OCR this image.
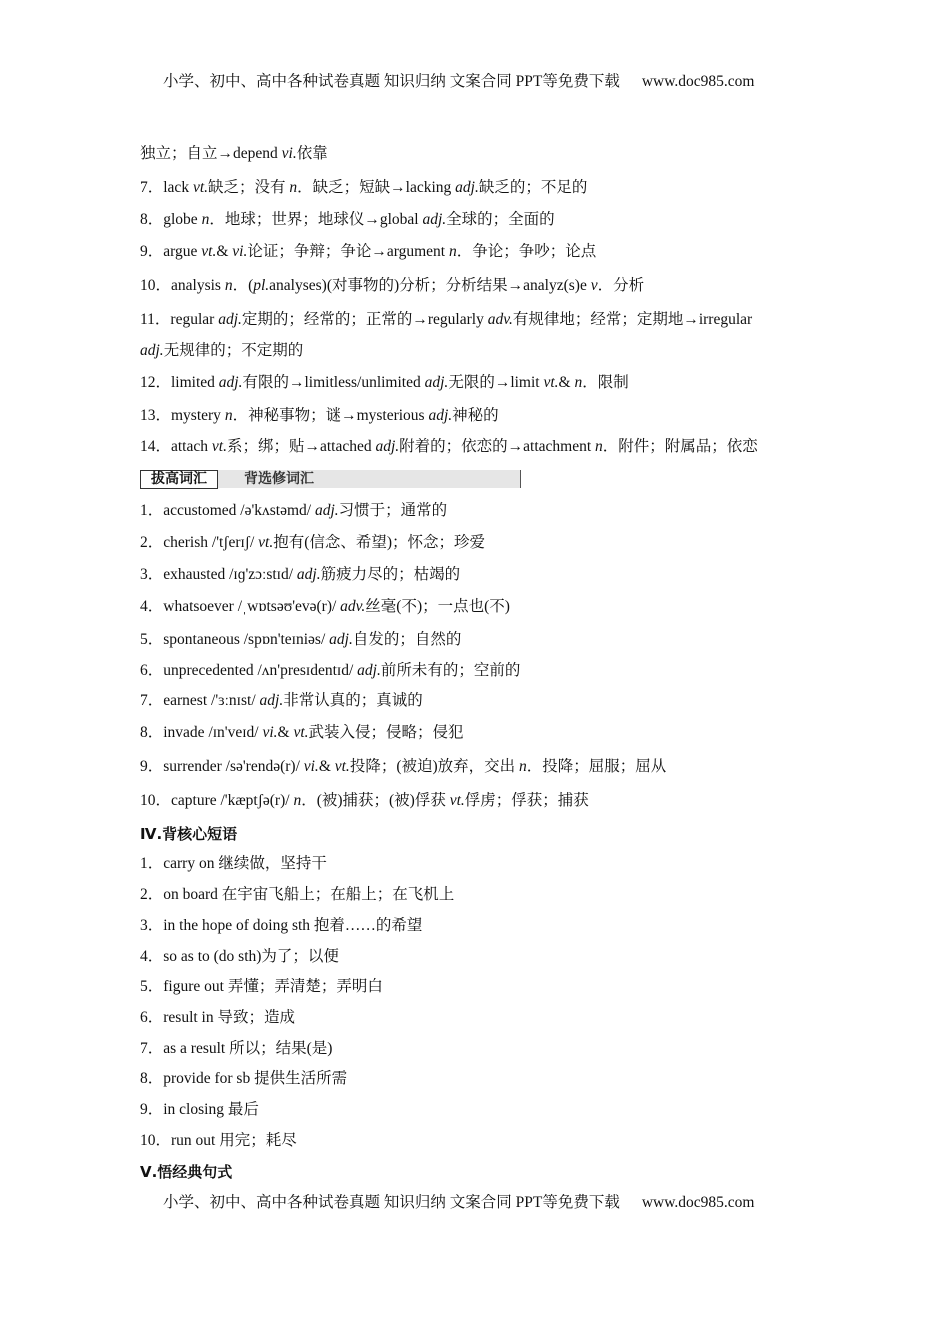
小学、初中、高中各种试卷真题 知识归纳 文案合同 PPT等免费下载 www.doc985.com
独立；自立→depend vi.依靠
7．lack vt.缺乏；没有 n．缺乏；短缺→lacking adj.缺乏的；不足的
8．globe n．地球；世界；地球仪→global adj.全球的；全面的
9．argue vt.& vi.论证；争辩；争论→argument n．争论；争吵；论点
10．analysis n．(pl.analyses)(对事物的)分析；分析结果→analyz(s)e v．分析
11．regular adj.定期的；经常的；正常的→regularly adv.有规律地；经常；定期地→irregular
adj.无规律的；不定期的
12．limited adj.有限的→limitless/unlimited adj.无限的→limit vt.& n．限制
13．mystery n．神秘事物；谜→mysterious adj.神秘的
14．attach vt.系；绑；贴→attached adj.附着的；依恋的→attachment n．附件；附属品；依恋
拔高词汇	背选修词汇
1．accustomed /ə'kʌstəmd/ adj.习惯于；通常的
2．cherish /'tʃerɪʃ/ vt.抱有(信念、希望)；怀念；珍爱
3．exhausted /ɪɡ'zɔːstɪd/ adj.筋疲力尽的；枯竭的
4．whatsoever /ˌwɒtsəʊ'evə(r)/ adv.丝毫(不)；一点也(不)
5．spontaneous /spɒn'teɪniəs/ adj.自发的；自然的
6．unprecedented /ʌn'presɪdentɪd/ adj.前所未有的；空前的
7．earnest /'ɜːnɪst/ adj.非常认真的；真诚的
8．invade /ɪn'veɪd/ vi.& vt.武装入侵；侵略；侵犯
9．surrender /sə'rendə(r)/ vi.& vt.投降；(被迫)放弃，交出 n．投降；屈服；屈从
10．capture /'kæptʃə(r)/ n．(被)捕获；(被)俘获 vt.俘虏；俘获；捕获
Ⅳ.背核心短语
1．carry on 继续做，坚持干
2．on board 在宇宙飞船上；在船上；在飞机上
3．in the hope of doing sth 抱着……的希望
4．so as to (do sth)为了；以便
5．figure out 弄懂；弄清楚；弄明白
6．result in 导致；造成
7．as a result 所以；结果(是)
8．provide for sb 提供生活所需
9．in closing 最后
10．run out 用完；耗尽
Ⅴ.悟经典句式
小学、初中、高中各种试卷真题 知识归纳 文案合同 PPT等免费下载 www.doc985.com
